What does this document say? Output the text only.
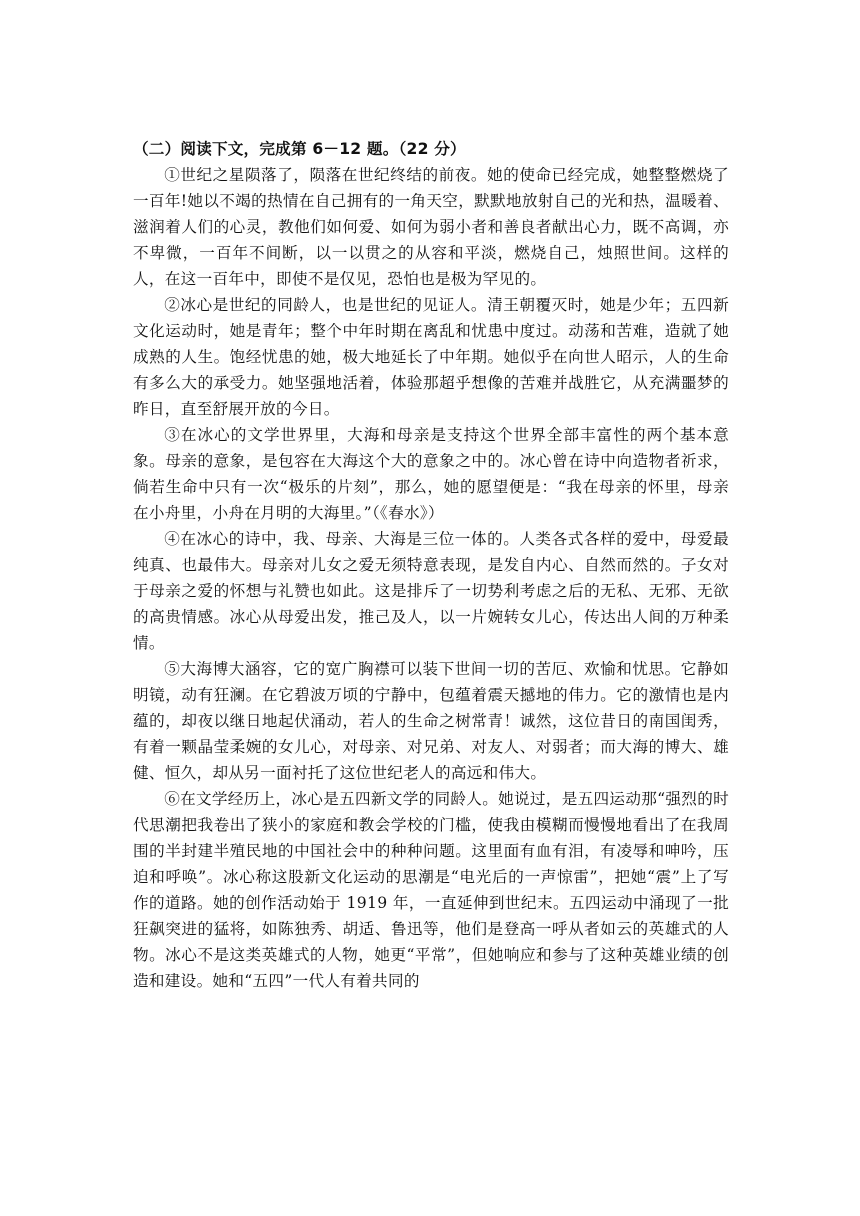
（二）阅读下文，完成第 6－12 题。（22 分）

①世纪之星陨落了，陨落在世纪终结的前夜。她的使命已经完成，她整整燃烧了一百年!她以不竭的热情在自己拥有的一角天空，默默地放射自己的光和热，温暖着、滋润着人们的心灵，教他们如何爱、如何为弱小者和善良者献出心力，既不高调，亦不卑微，一百年不间断，以一以贯之的从容和平淡，燃烧自己，烛照世间。这样的人，在这一百年中，即使不是仅见，恐怕也是极为罕见的。

②冰心是世纪的同龄人，也是世纪的见证人。清王朝覆灭时，她是少年；五四新文化运动时，她是青年；整个中年时期在离乱和忧患中度过。动荡和苦难，造就了她成熟的人生。饱经忧患的她，极大地延长了中年期。她似乎在向世人昭示，人的生命有多么大的承受力。她坚强地活着，体验那超乎想像的苦难并战胜它，从充满噩梦的昨日，直至舒展开放的今日。

③在冰心的文学世界里，大海和母亲是支持这个世界全部丰富性的两个基本意象。母亲的意象，是包容在大海这个大的意象之中的。冰心曾在诗中向造物者祈求，倘若生命中只有一次“极乐的片刻”，那么，她的愿望便是：“我在母亲的怀里，母亲在小舟里，小舟在月明的大海里。”（《春水》）

④在冰心的诗中，我、母亲、大海是三位一体的。人类各式各样的爱中，母爱最纯真、也最伟大。母亲对儿女之爱无须特意表现，是发自内心、自然而然的。子女对于母亲之爱的怀想与礼赞也如此。这是排斥了一切势利考虑之后的无私、无邪、无欲的高贵情感。冰心从母爱出发，推己及人，以一片婉转女儿心，传达出人间的万种柔情。

⑤大海博大涵容，它的宽广胸襟可以装下世间一切的苦厄、欢愉和忧思。它静如明镜，动有狂澜。在它碧波万顷的宁静中，包蕴着震天撼地的伟力。它的激情也是内蕴的，却夜以继日地起伏涌动，若人的生命之树常青！诚然，这位昔日的南国闺秀，有着一颗晶莹柔婉的女儿心，对母亲、对兄弟、对友人、对弱者；而大海的博大、雄健、恒久，却从另一面衬托了这位世纪老人的高远和伟大。

⑥在文学经历上，冰心是五四新文学的同龄人。她说过，是五四运动那“强烈的时代思潮把我卷出了狭小的家庭和教会学校的门槛，使我由模糊而慢慢地看出了在我周围的半封建半殖民地的中国社会中的种种问题。这里面有血有泪，有凌辱和呻吟，压迫和呼唤”。冰心称这股新文化运动的思潮是“电光后的一声惊雷”，把她“震”上了写作的道路。她的创作活动始于 1919 年，一直延伸到世纪末。五四运动中涌现了一批狂飙突进的猛将，如陈独秀、胡适、鲁迅等，他们是登高一呼从者如云的英雄式的人物。冰心不是这类英雄式的人物，她更“平常”，但她响应和参与了这种英雄业绩的创造和建设。她和“五四”一代人有着共同的
